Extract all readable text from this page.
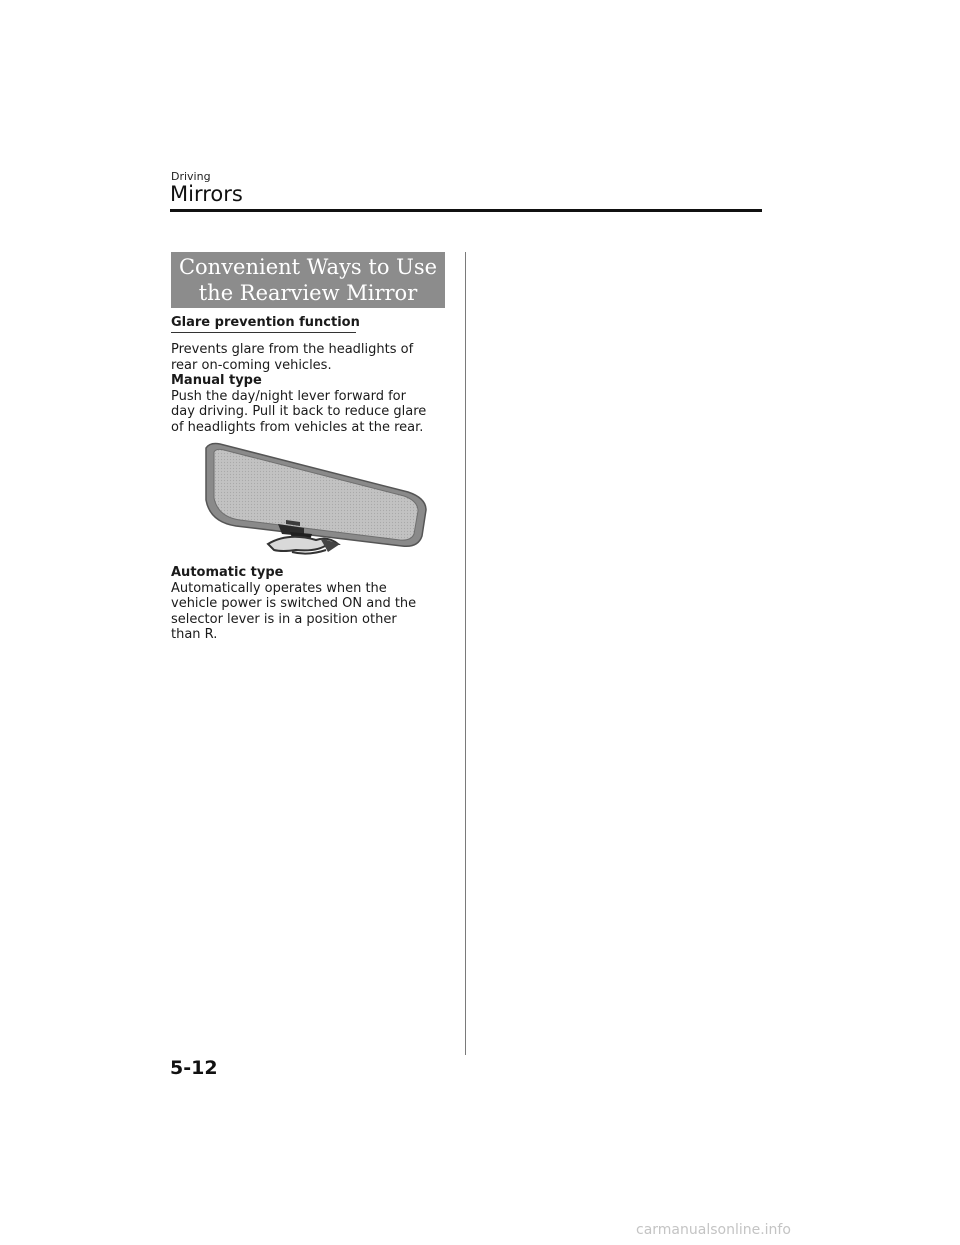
Driving
Mirrors
Convenient Ways to Use
the Rearview Mirror
Glare prevention function

Prevents glare from the headlights of

rear on-coming vehicles.

Manual type

Push the day/night lever forward for

day driving. Pull it back to reduce glare

of headlights from vehicles at the rear.

Automatic type

Automatically operates when the

vehicle power is switched ON and the

selector lever is in a position other

than R.

5-12
carmanualsonline.info
